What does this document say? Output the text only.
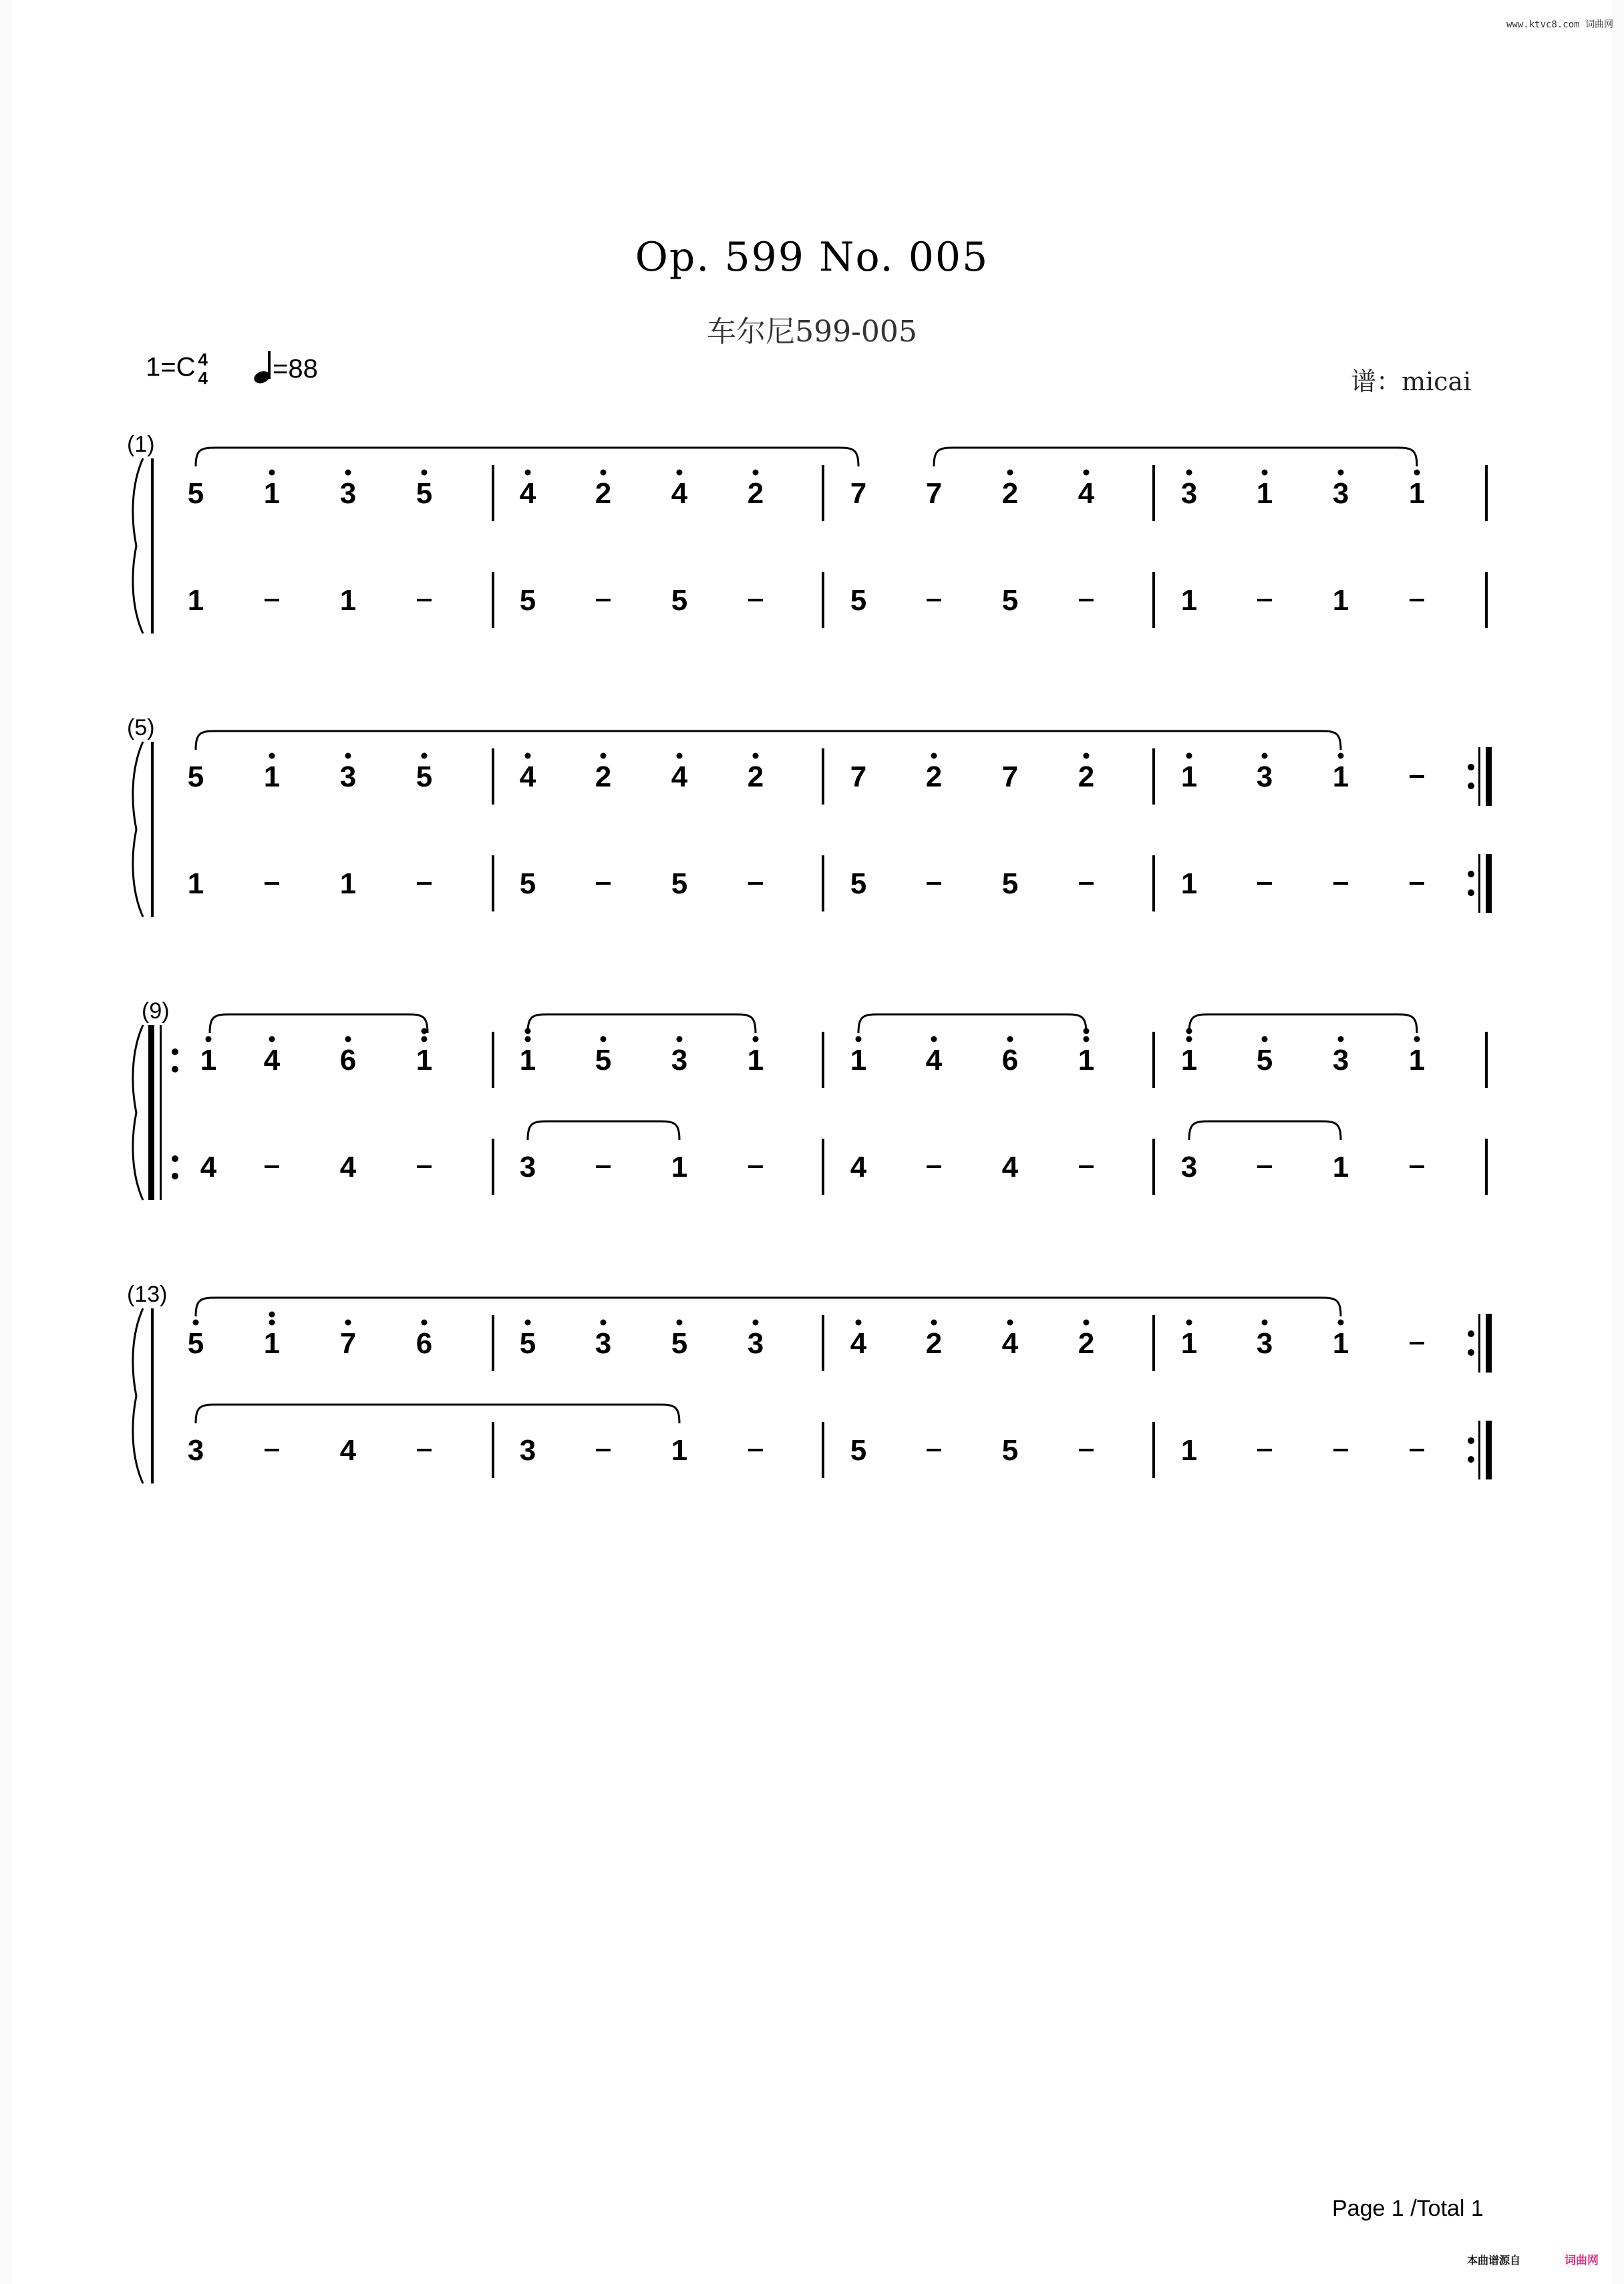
www.ktvc8.com 词曲网
Op. 599 No. 005
车尔尼599-005
1=C 4
4	=88	谱：micai
(1)
5 1 3 5	4 2 4 2	7 7 2 4	3 1 3 1
1	1	5	5	5	5	1	1
(5)
5 1 3 5	4 2 4 2	7 2 7 2	1 3 1
1	1	5	5	5	5	1
(9)
1 4 6 1	1 5 3 1	1 4 6 1	1 5 3 1
4	4	3	1	4	4	3	1
(13)
5 1 7 6	5 3 5 3	4 2 4 2	1 3 1
3	4	3	1	5	5	1
Page 1 /Total 1
本曲谱源自	词曲网
